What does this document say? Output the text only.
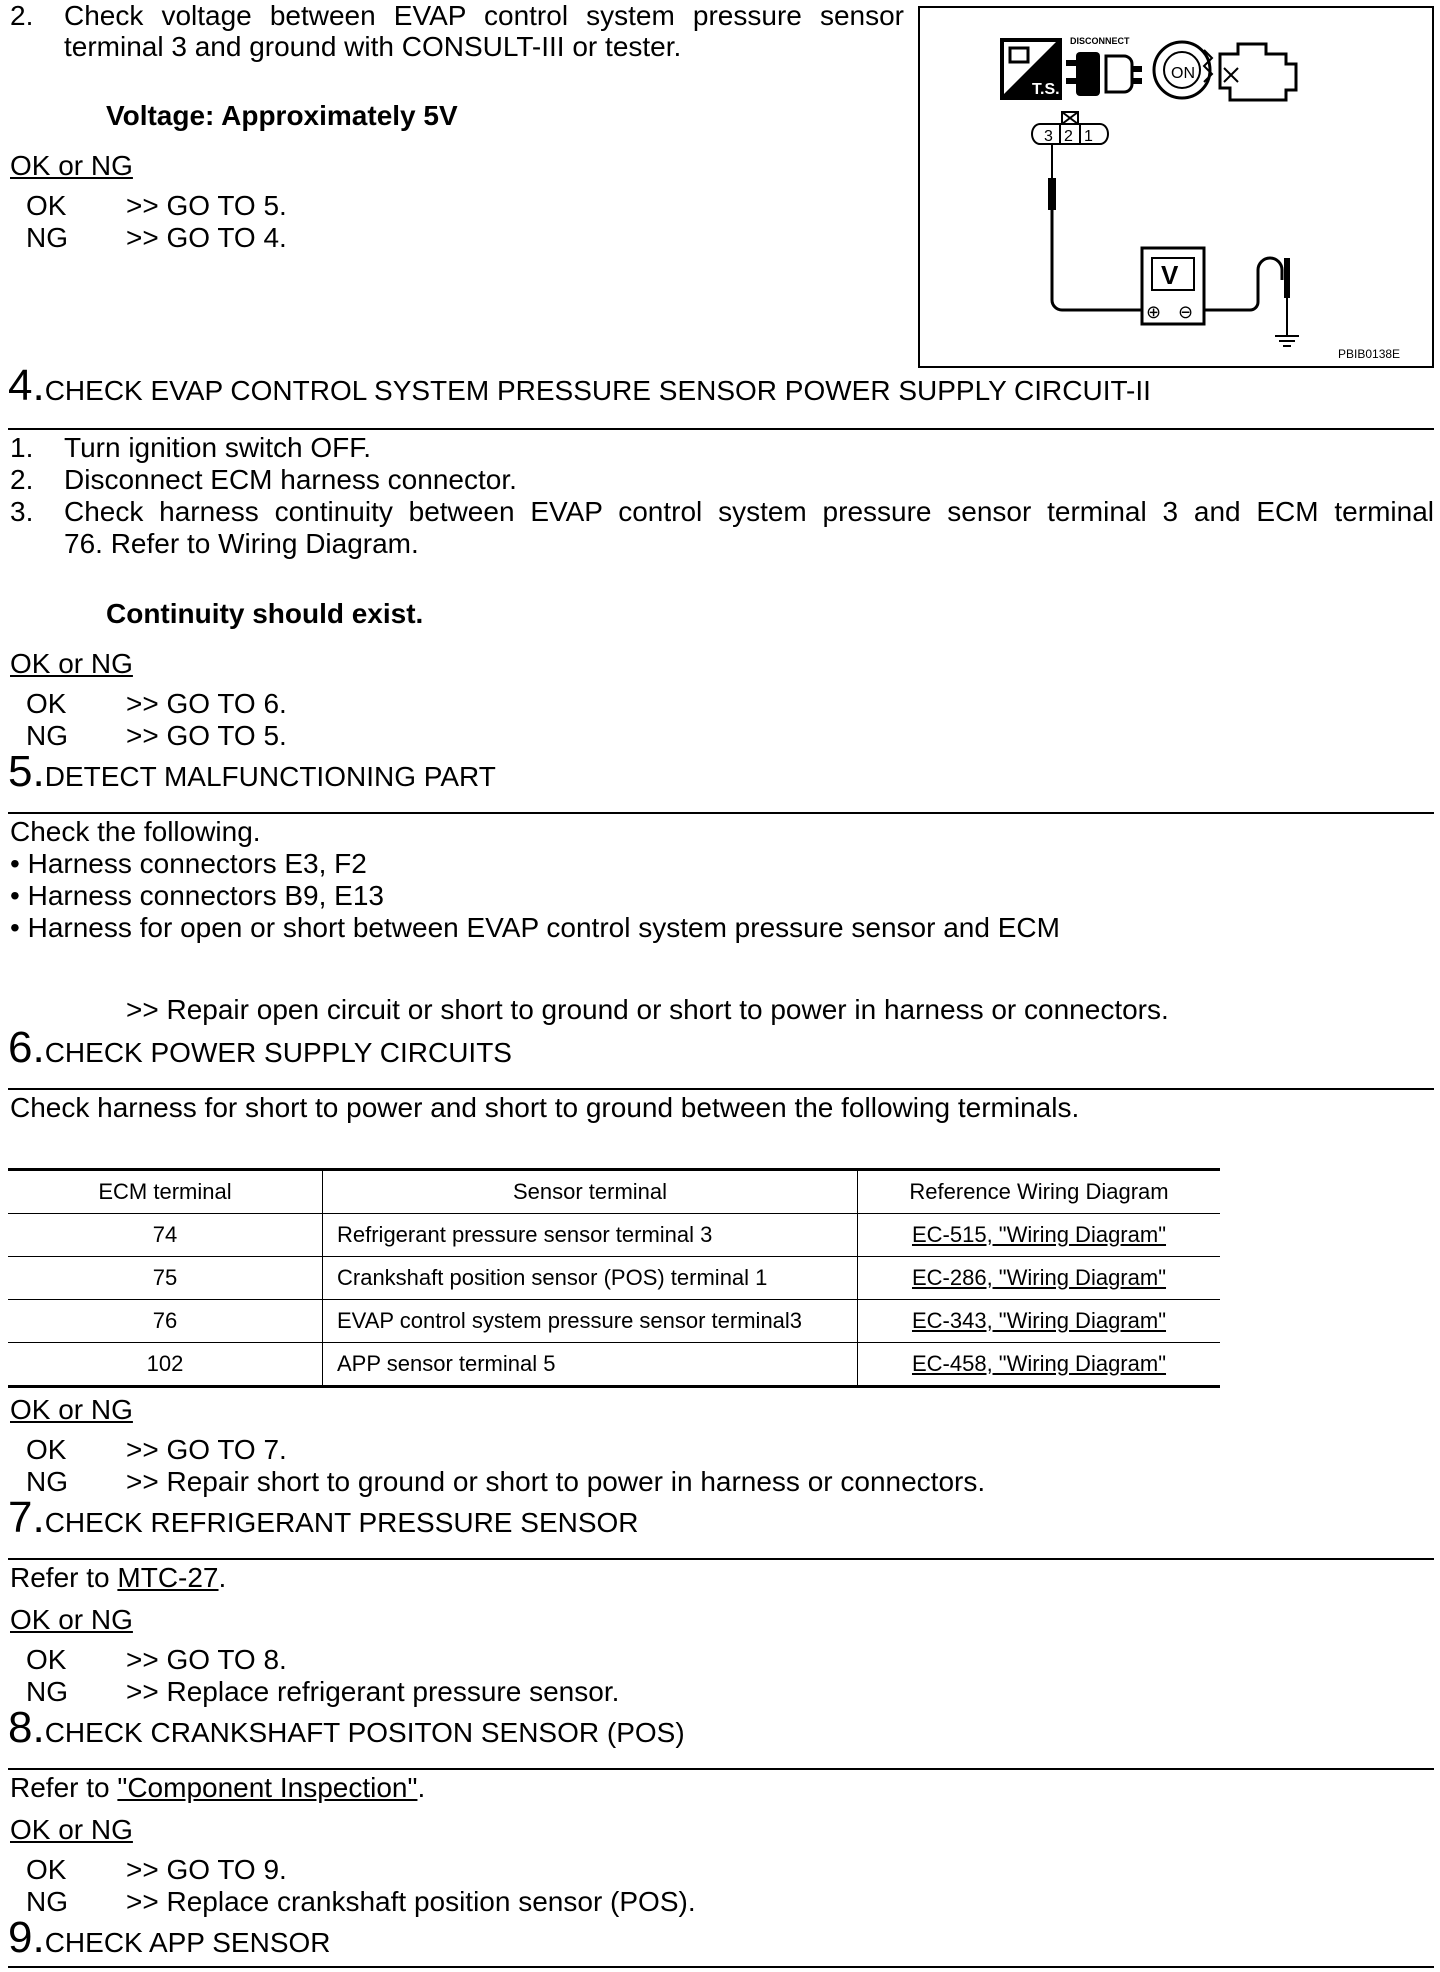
2. Check voltage between EVAP control system pressure sensor
terminal 3 and ground with CONSULT-III or tester.
Voltage: Approximately 5V
OK or NG
OK >> GO TO 5.
NG >> GO TO 4.
T.S.
DISCONNECT
ON
3 2 1
V
⊕ ⊖
PBIB0138E
4.CHECK EVAP CONTROL SYSTEM PRESSURE SENSOR POWER SUPPLY CIRCUIT-II
1. Turn ignition switch OFF.
2. Disconnect ECM harness connector.
3. Check harness continuity between EVAP control system pressure sensor terminal 3 and ECM terminal
76. Refer to Wiring Diagram.
Continuity should exist.
OK or NG
OK >> GO TO 6.
NG >> GO TO 5.
5.DETECT MALFUNCTIONING PART
Check the following.
• Harness connectors E3, F2
• Harness connectors B9, E13
• Harness for open or short between EVAP control system pressure sensor and ECM
>> Repair open circuit or short to ground or short to power in harness or connectors.
6.CHECK POWER SUPPLY CIRCUITS
Check harness for short to power and short to ground between the following terminals.
ECM terminal	Sensor terminal	Reference Wiring Diagram
74	Refrigerant pressure sensor terminal 3	EC-515, "Wiring Diagram"
75	Crankshaft position sensor (POS) terminal 1	EC-286, "Wiring Diagram"
76	EVAP control system pressure sensor terminal3	EC-343, "Wiring Diagram"
102	APP sensor terminal 5	EC-458, "Wiring Diagram"
OK or NG
OK >> GO TO 7.
NG >> Repair short to ground or short to power in harness or connectors.
7.CHECK REFRIGERANT PRESSURE SENSOR
Refer to MTC-27.
OK or NG
OK >> GO TO 8.
NG >> Replace refrigerant pressure sensor.
8.CHECK CRANKSHAFT POSITON SENSOR (POS)
Refer to "Component Inspection".
OK or NG
OK >> GO TO 9.
NG >> Replace crankshaft position sensor (POS).
9.CHECK APP SENSOR
